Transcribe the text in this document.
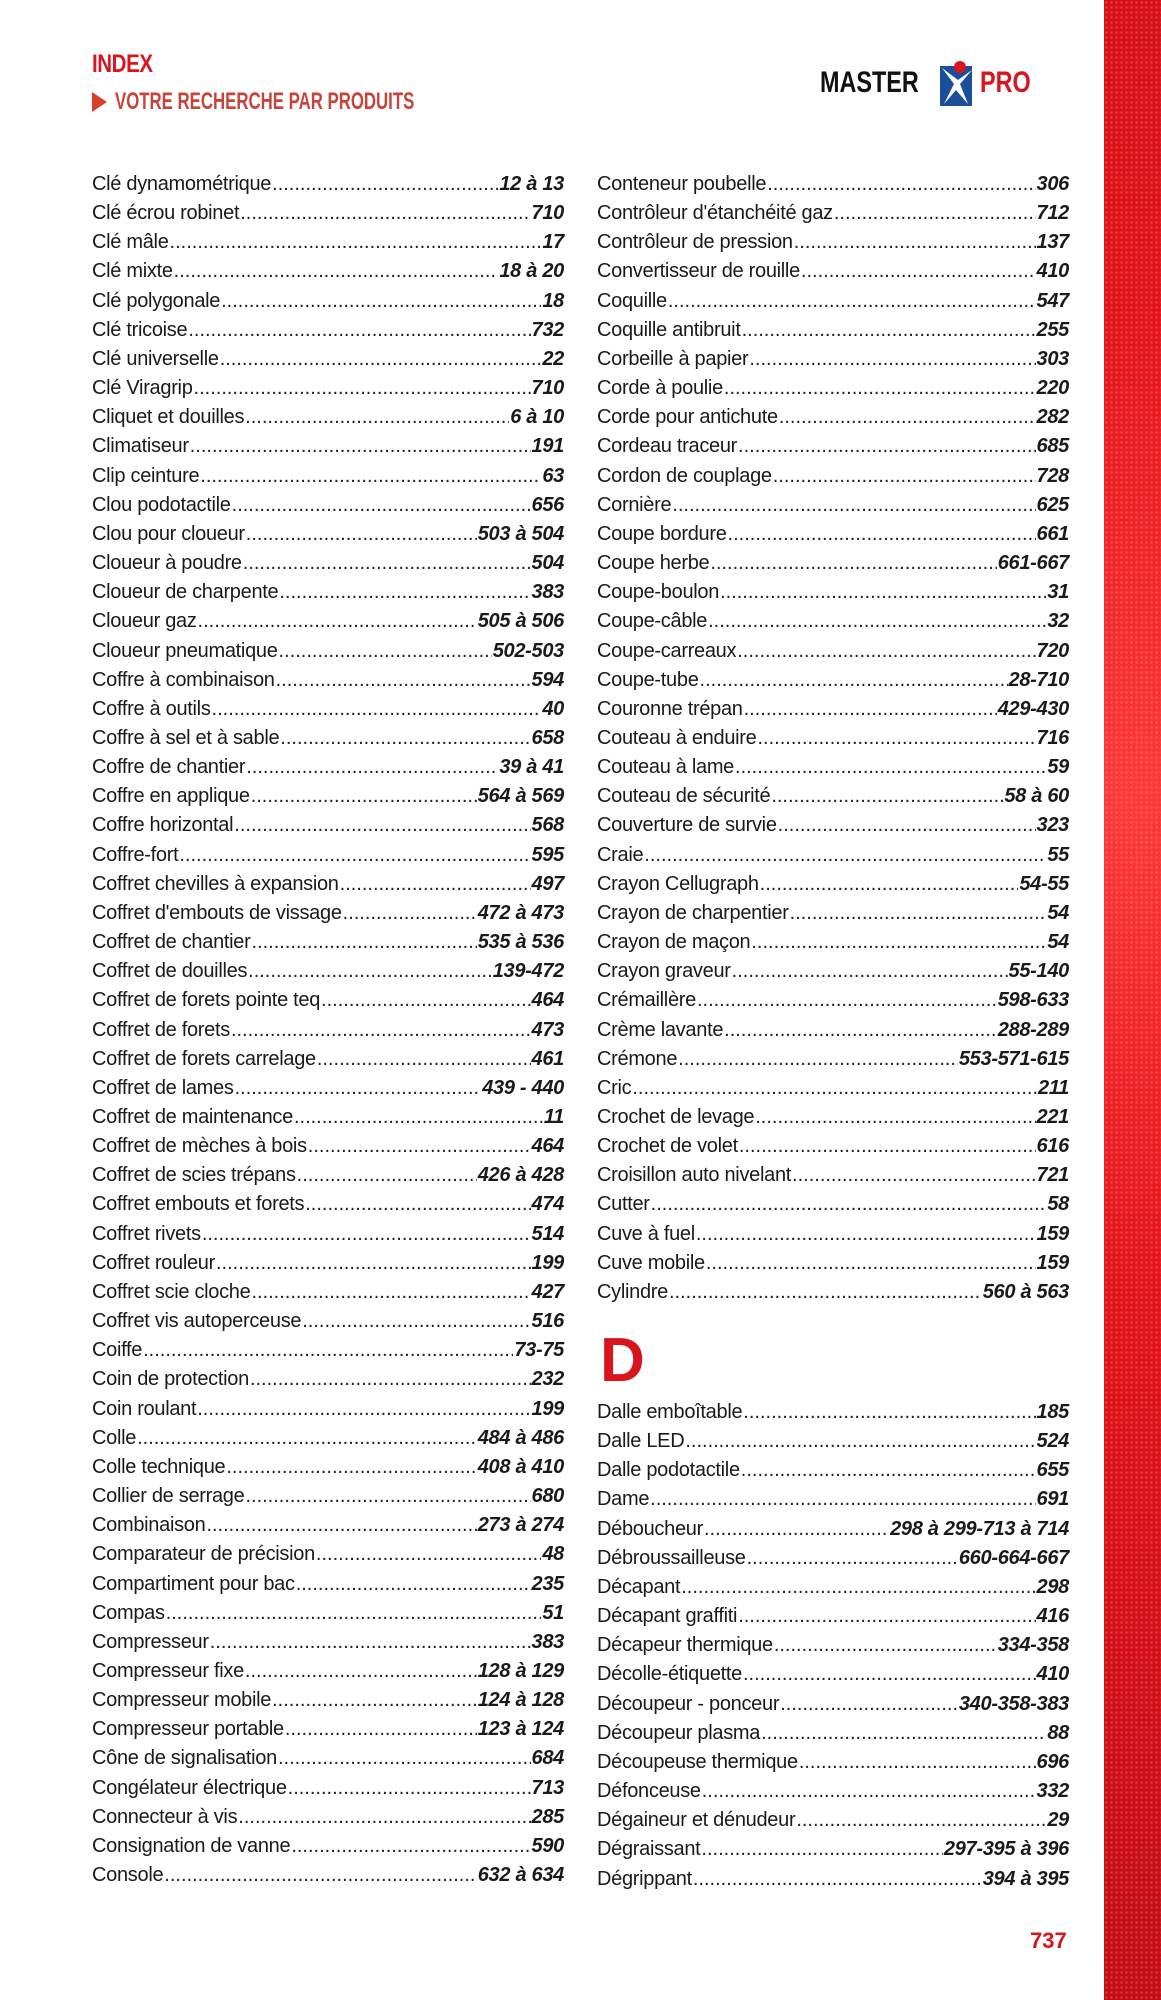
INDEX
VOTRE RECHERCHE PAR PRODUITS
MASTER PRO
Clé dynamométrique .....	12 à 13
Clé écrou robinet .....	710
Clé mâle .....	17
Clé mixte .....	18 à 20
Clé polygonale .....	18
Clé tricoise .....	732
Clé universelle .....	22
Clé Viragrip .....	710
Cliquet et douilles .....	6 à 10
Climatiseur .....	191
Clip ceinture .....	63
Clou podotactile .....	656
Clou pour cloueur .....	503 à 504
Cloueur à poudre .....	504
Cloueur de charpente .....	383
Cloueur gaz .....	505 à 506
Cloueur pneumatique .....	502-503
Coffre à combinaison .....	594
Coffre à outils .....	40
Coffre à sel et à sable .....	658
Coffre de chantier .....	39 à 41
Coffre en applique .....	564 à 569
Coffre horizontal .....	568
Coffre-fort .....	595
Coffret chevilles à expansion .....	497
Coffret d'embouts de vissage .....	472 à 473
Coffret de chantier .....	535 à 536
Coffret de douilles .....	139-472
Coffret de forets pointe teq .....	464
Coffret de forets .....	473
Coffret de forets carrelage .....	461
Coffret de lames .....	439 - 440
Coffret de maintenance .....	11
Coffret de mèches à bois .....	464
Coffret de scies trépans .....	426 à 428
Coffret embouts et forets .....	474
Coffret rivets .....	514
Coffret rouleur .....	199
Coffret scie cloche .....	427
Coffret vis autoperceuse .....	516
Coiffe .....	73-75
Coin de protection .....	232
Coin roulant .....	199
Colle .....	484 à 486
Colle technique .....	408 à 410
Collier de serrage .....	680
Combinaison .....	273 à 274
Comparateur de précision .....	48
Compartiment pour bac .....	235
Compas .....	51
Compresseur .....	383
Compresseur fixe .....	128 à 129
Compresseur mobile .....	124 à 128
Compresseur portable .....	123 à 124
Cône de signalisation .....	684
Congélateur électrique .....	713
Connecteur à vis .....	285
Consignation de vanne .....	590
Console .....	632 à 634
Conteneur poubelle .....	306
Contrôleur d'étanchéité gaz .....	712
Contrôleur de pression .....	137
Convertisseur de rouille .....	410
Coquille .....	547
Coquille antibruit .....	255
Corbeille à papier .....	303
Corde à poulie .....	220
Corde pour antichute .....	282
Cordeau traceur .....	685
Cordon de couplage .....	728
Cornière .....	625
Coupe bordure .....	661
Coupe herbe .....	661-667
Coupe-boulon .....	31
Coupe-câble .....	32
Coupe-carreaux .....	720
Coupe-tube .....	28-710
Couronne trépan .....	429-430
Couteau à enduire .....	716
Couteau à lame .....	59
Couteau de sécurité .....	58 à 60
Couverture de survie .....	323
Craie .....	55
Crayon Cellugraph .....	54-55
Crayon de charpentier .....	54
Crayon de maçon .....	54
Crayon graveur .....	55-140
Crémaillère .....	598-633
Crème lavante .....	288-289
Crémone .....	553-571-615
Cric .....	211
Crochet de levage .....	221
Crochet de volet .....	616
Croisillon auto nivelant .....	721
Cutter .....	58
Cuve à fuel .....	159
Cuve mobile .....	159
Cylindre .....	560 à 563
D
Dalle emboîtable .....	185
Dalle LED .....	524
Dalle podotactile .....	655
Dame .....	691
Déboucheur .....	298 à 299-713 à 714
Débroussailleuse .....	660-664-667
Décapant .....	298
Décapant graffiti .....	416
Décapeur thermique .....	334-358
Décolle-étiquette .....	410
Découpeur - ponceur .....	340-358-383
Découpeur plasma .....	88
Découpeuse thermique .....	696
Défonceuse .....	332
Dégaineur et dénudeur .....	29
Dégraissant .....	297-395 à 396
Dégrippant .....	394 à 395
737
